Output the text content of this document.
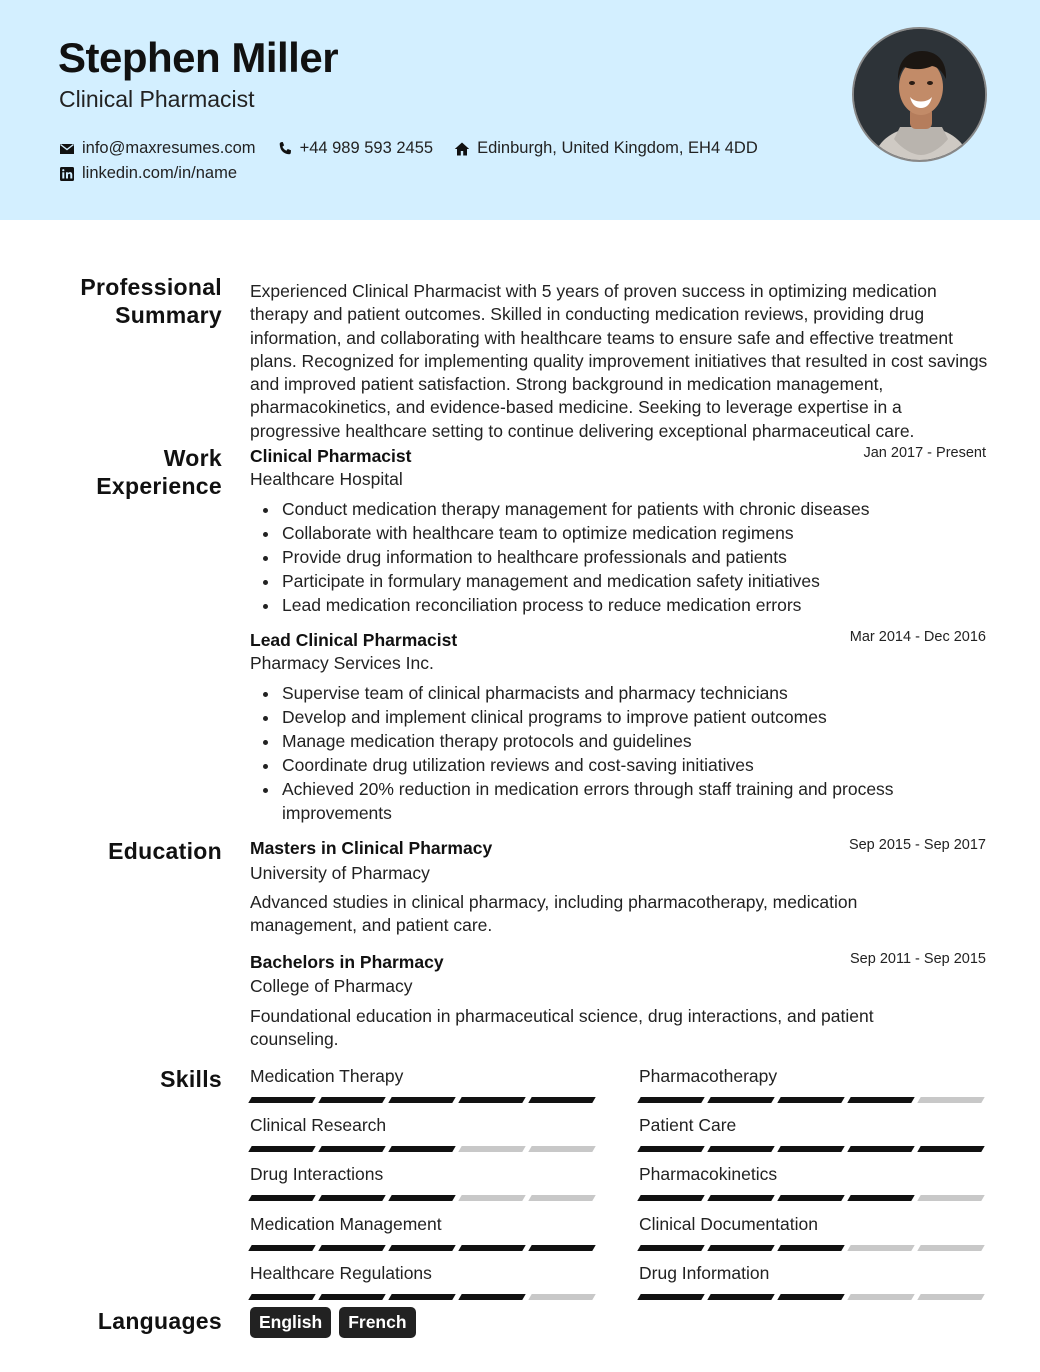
Stephen Miller
Clinical Pharmacist
info@maxresumes.com	+44 989 593 2455	Edinburgh, United Kingdom, EH4 4DD
linkedin.com/in/name
Professional
Summary
Experienced Clinical Pharmacist with 5 years of proven success in optimizing medication therapy and patient outcomes. Skilled in conducting medication reviews, providing drug information, and collaborating with healthcare teams to ensure safe and effective treatment plans. Recognized for implementing quality improvement initiatives that resulted in cost savings and improved patient satisfaction. Strong background in medication management, pharmacokinetics, and evidence-based medicine. Seeking to leverage expertise in a progressive healthcare setting to continue delivering exceptional pharmaceutical care.
Work
Experience
Clinical Pharmacist	Jan 2017 - Present
Healthcare Hospital
Conduct medication therapy management for patients with chronic diseases
Collaborate with healthcare team to optimize medication regimens
Provide drug information to healthcare professionals and patients
Participate in formulary management and medication safety initiatives
Lead medication reconciliation process to reduce medication errors
Lead Clinical Pharmacist	Mar 2014 - Dec 2016
Pharmacy Services Inc.
Supervise team of clinical pharmacists and pharmacy technicians
Develop and implement clinical programs to improve patient outcomes
Manage medication therapy protocols and guidelines
Coordinate drug utilization reviews and cost-saving initiatives
Achieved 20% reduction in medication errors through staff training and process improvements
Education Masters in Clinical Pharmacy	Sep 2015 - Sep 2017
University of Pharmacy
Advanced studies in clinical pharmacy, including pharmacotherapy, medication management, and patient care.
Bachelors in Pharmacy	Sep 2011 - Sep 2015
College of Pharmacy
Foundational education in pharmaceutical science, drug interactions, and patient counseling.
Skills Medication Therapy	Pharmacotherapy
Clinical Research	Patient Care
Drug Interactions	Pharmacokinetics
Medication Management	Clinical Documentation
Healthcare Regulations	Drug Information
Languages	English	French
